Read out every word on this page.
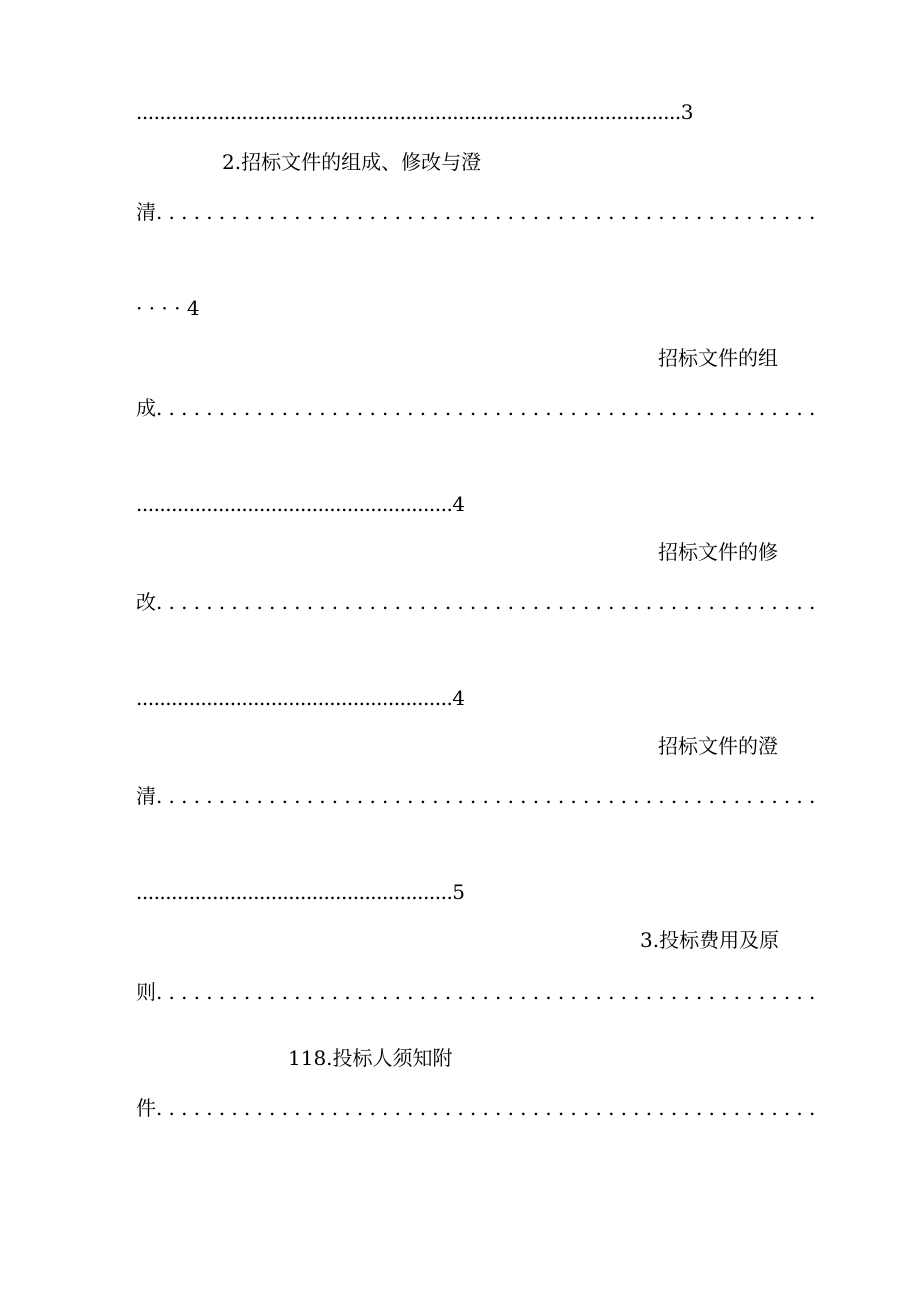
.............................................................................................3
2.招标文件的组成、修改与澄
清.....................................................
· · · · 4
招标文件的组
成.....................................................
......................................................4
招标文件的修
改.....................................................
......................................................4
招标文件的澄
清.....................................................
......................................................5
3.投标费用及原
则.....................................................
118.投标人须知附
件.....................................................
